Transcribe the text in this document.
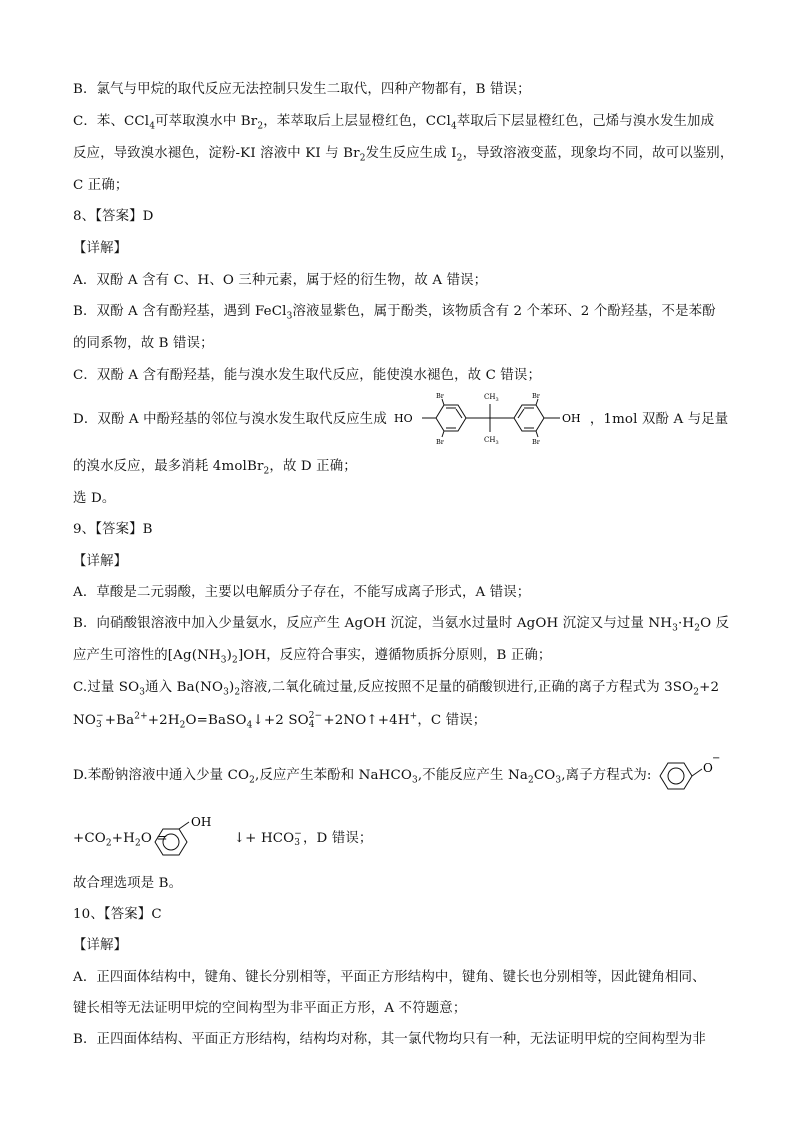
B．氯气与甲烷的取代反应无法控制只发生二取代，四种产物都有，B 错误；
C．苯、CCl$_4$可萃取溴水中 $Br_2$，苯萃取后上层显橙红色，CCl$_4$萃取后下层显橙红色，己烯与溴水发生加成
反应，导致溴水褪色，淀粉-KI 溶液中 KI 与 $Br_2$发生反应生成 $I_2$，导致溶液变蓝，现象均不同，故可以鉴别，
C 正确；
8、【答案】D
【详解】
A．双酚 A 含有 C、H、O 三种元素，属于烃的衍生物，故 A 错误；
B．双酚 A 含有酚羟基，遇到 FeCl$_3$溶液显紫色，属于酚类，该物质含有 2 个苯环、2 个酚羟基，不是苯酚
的同系物，故 B 错误；
C．双酚 A 含有酚羟基，能与溴水发生取代反应，能使溴水褪色，故 C 错误；
D．双酚 A 中酚羟基的邻位与溴水发生取代反应生成	，1mol 双酚 A 与足量
HO	OH
Br
Br
Br
Br
$CH_3$
$CH_3$
的溴水反应，最多消耗 4molBr$_2$，故 D 正确；
选 D。
9、【答案】B
【详解】
A．草酸是二元弱酸，主要以电解质分子存在，不能写成离子形式，A 错误；
B．向硝酸银溶液中加入少量氨水，反应产生 AgOH 沉淀，当氨水过量时 AgOH 沉淀又与过量 $NH_3\cdot H_2O$ 反
应产生可溶性的$[Ag(NH_3)_2]OH$，反应符合事实，遵循物质拆分原则，B 正确；
C.过量 $SO_3$通入 $Ba(NO_3)_2$溶液,二氧化硫过量,反应按照不足量的硝酸钡进行,正确的离子方程式为 $3SO_2+2$
NO −
$3 +Ba^{2+}+2H_2O=BaSO_4↓+2$ SO 2−
4 +2NO↑+4H+，C 错误；
D.苯酚钠溶液中通入少量 $CO_2$,反应产生苯酚和 NaHCO$_3$,不能反应产生 $Na_2CO_3$,离子方程式为:	O
−
$+CO_2+H_2O$ =	↓+ HCO −
3 ，D 错误；
OH
故合理选项是 B。
10、【答案】C
【详解】
A．正四面体结构中，键角、键长分别相等，平面正方形结构中，键角、键长也分别相等，因此键角相同、
键长相等无法证明甲烷的空间构型为非平面正方形，A 不符题意；
B．正四面体结构、平面正方形结构，结构均对称，其一氯代物均只有一种，无法证明甲烷的空间构型为非
